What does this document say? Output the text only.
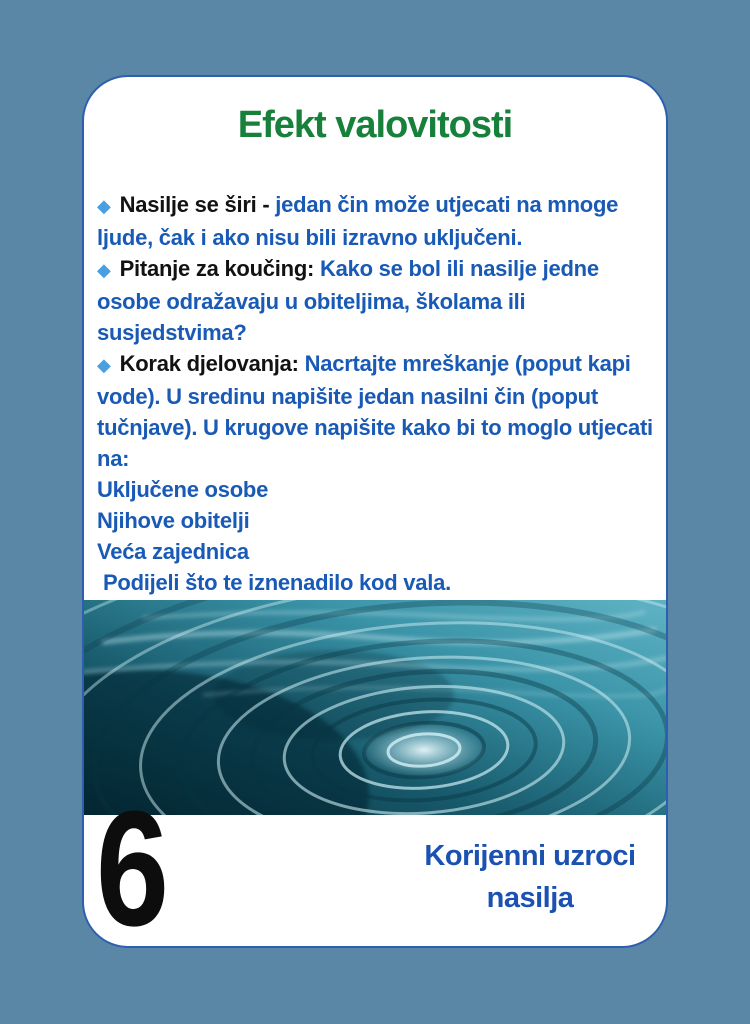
Efekt valovitosti

◆ Nasilje se širi - jedan čin može utjecati na mnoge ljude, čak i ako nisu bili izravno uključeni.

◆ Pitanje za koučing: Kako se bol ili nasilje jedne osobe odražavaju u obiteljima, školama ili susjedstvima?

◆ Korak djelovanja: Nacrtajte mreškanje (poput kapi vode). U sredinu napišite jedan nasilni čin (poput tučnjave). U krugove napišite kako bi to moglo utjecati na:

Uključene osobe
Njihove obitelji
Veća zajednica
Podijeli što te iznenadilo kod vala.
6	Korijenni uzroci
nasilja
